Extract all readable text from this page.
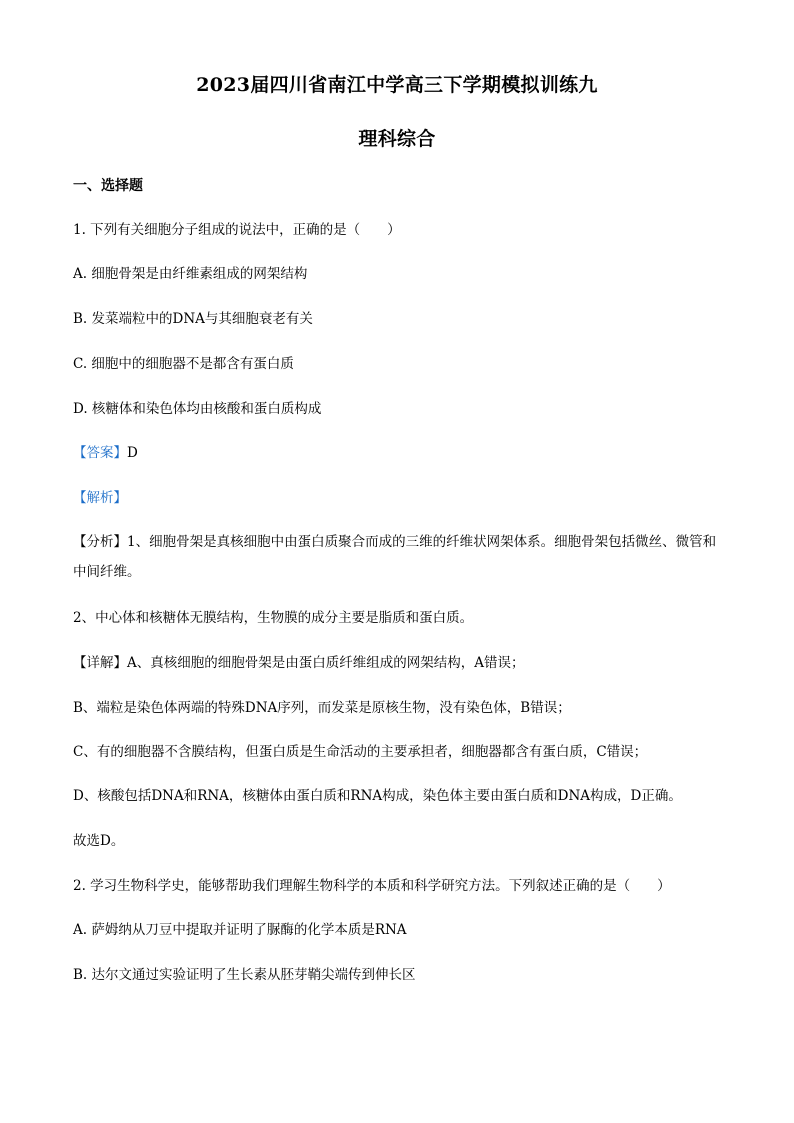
2023届四川省南江中学高三下学期模拟训练九
理科综合
一、选择题
1. 下列有关细胞分子组成的说法中，正确的是（　　）
A. 细胞骨架是由纤维素组成的网架结构
B. 发菜端粒中的DNA与其细胞衰老有关
C. 细胞中的细胞器不是都含有蛋白质
D. 核糖体和染色体均由核酸和蛋白质构成
【答案】D
【解析】
【分析】1、细胞骨架是真核细胞中由蛋白质聚合而成的三维的纤维状网架体系。细胞骨架包括微丝、微管和中间纤维。
2、中心体和核糖体无膜结构，生物膜的成分主要是脂质和蛋白质。
【详解】A、真核细胞的细胞骨架是由蛋白质纤维组成的网架结构，A错误；
B、端粒是染色体两端的特殊DNA序列，而发菜是原核生物，没有染色体，B错误；
C、有的细胞器不含膜结构，但蛋白质是生命活动的主要承担者，细胞器都含有蛋白质，C错误；
D、核酸包括DNA和RNA，核糖体由蛋白质和RNA构成，染色体主要由蛋白质和DNA构成，D正确。
故选D。
2. 学习生物科学史，能够帮助我们理解生物科学的本质和科学研究方法。下列叙述正确的是（　　）
A. 萨姆纳从刀豆中提取并证明了脲酶的化学本质是RNA
B. 达尔文通过实验证明了生长素从胚芽鞘尖端传到伸长区
